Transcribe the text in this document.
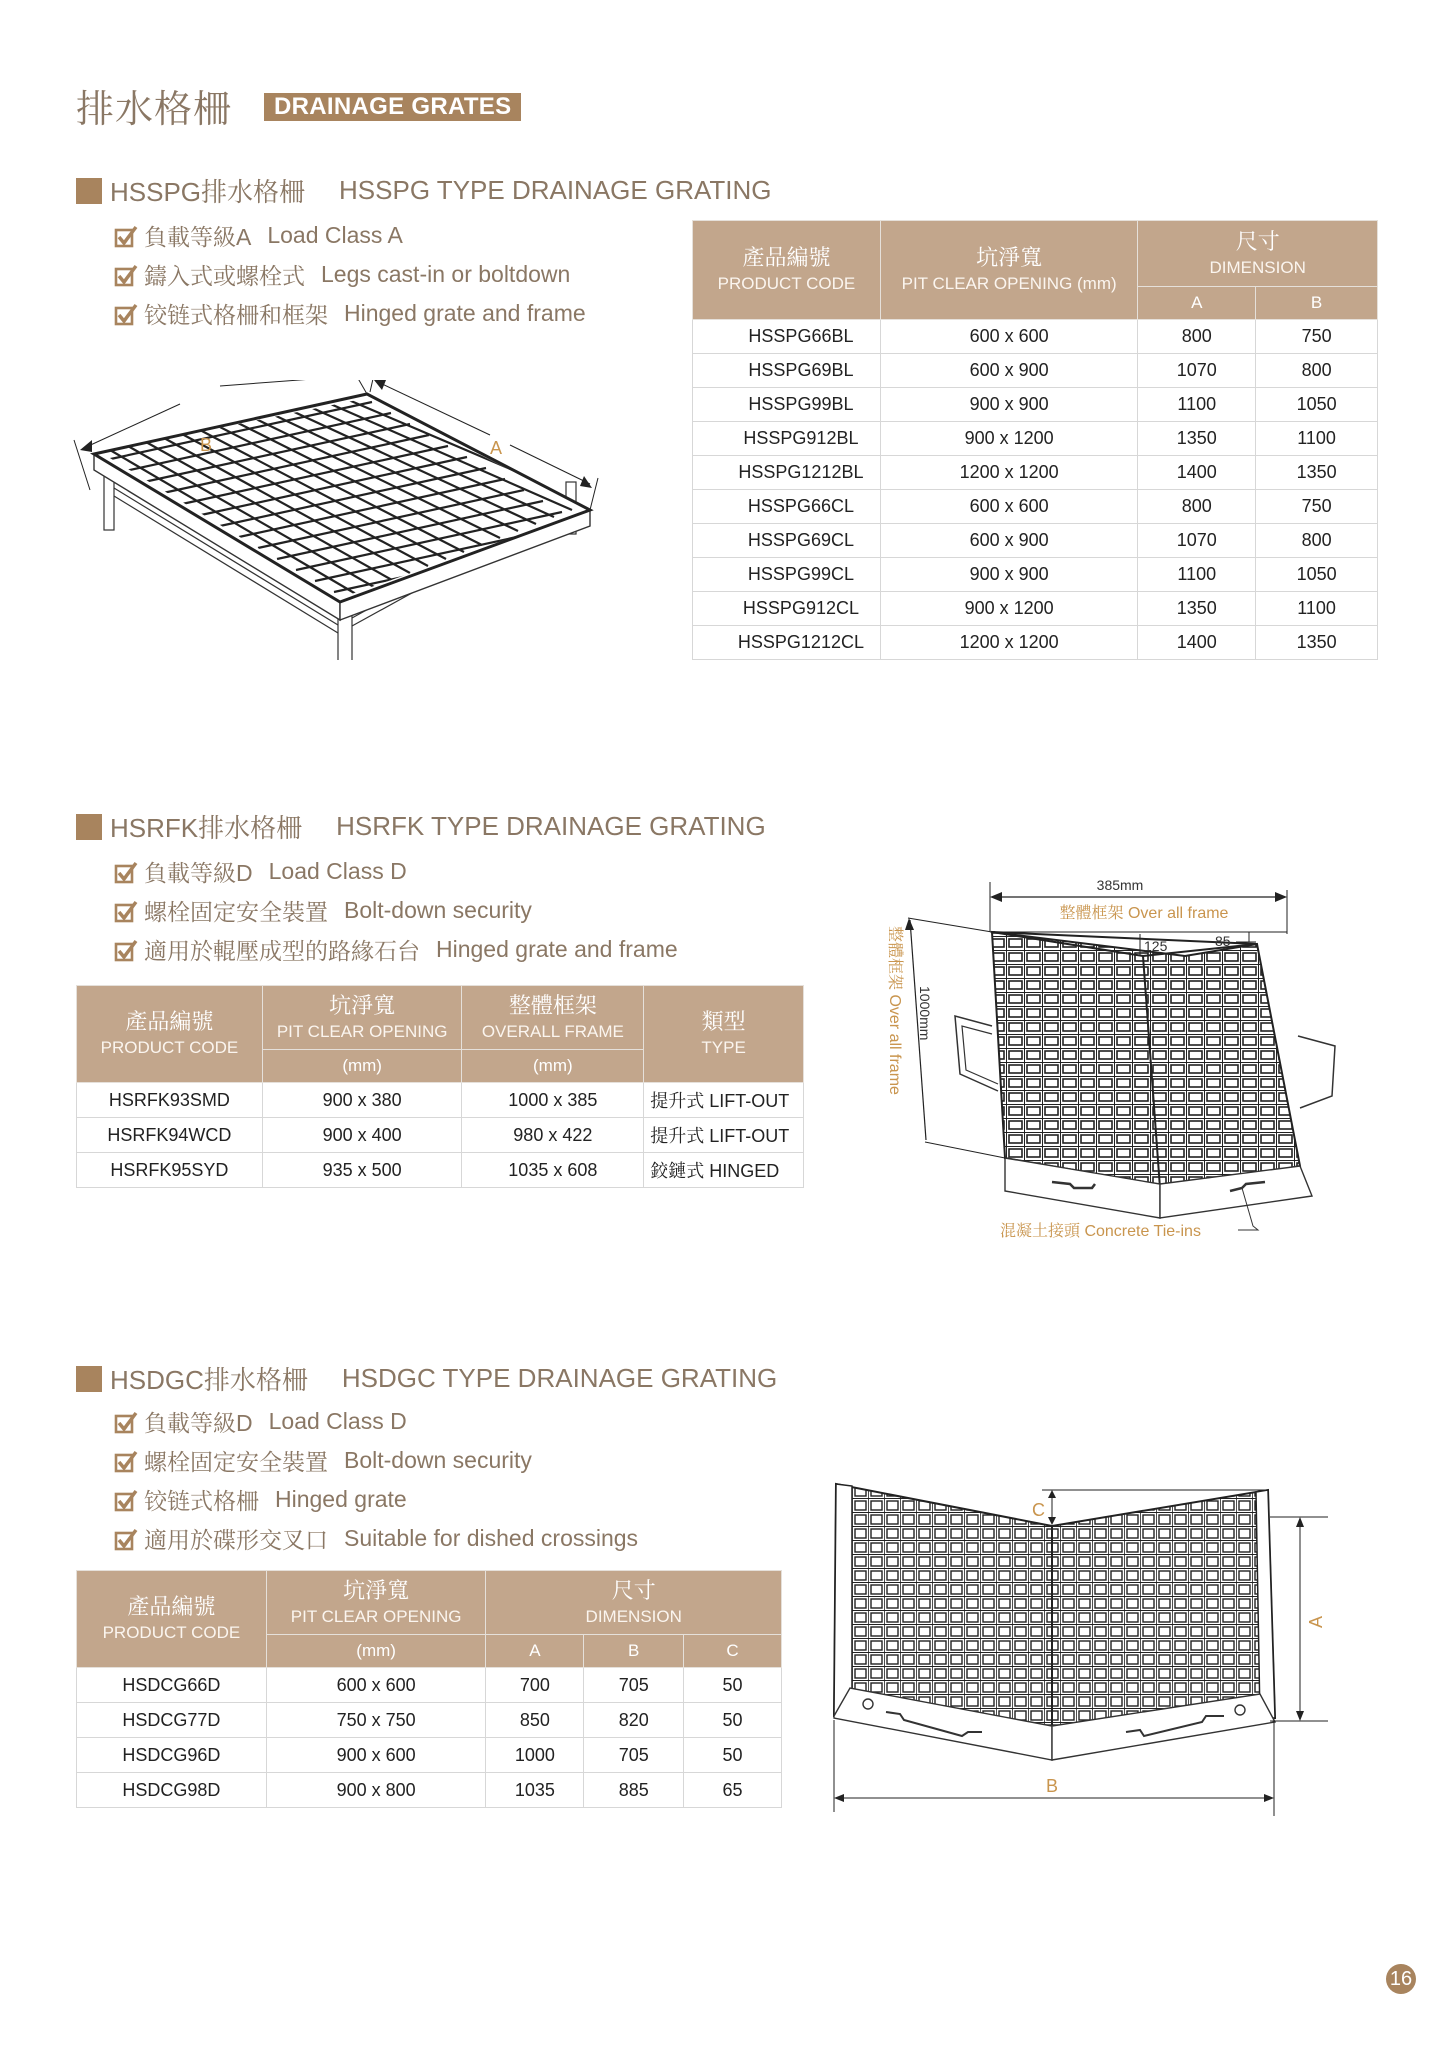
排水格柵	DRAINAGE GRATES
HSSPG排水格柵 HSSPG TYPE DRAINAGE GRATING
負載等級A Load Class A
鑄入式或螺栓式 Legs cast-in or boltdown
铰链式格柵和框架 Hinged grate and frame
B	A
產品編號
PRODUCT CODE	坑淨寬
PIT CLEAR OPENING (mm)	尺寸
DIMENSION	

		A	B
HSSPG66BL	600 x 600	800	750
HSSPG69BL	600 x 900	1070	800
HSSPG99BL	900 x 900	1100	1050
HSSPG912BL	900 x 1200	1350	1100
HSSPG1212BL	1200 x 1200	1400	1350
HSSPG66CL	600 x 600	800	750
HSSPG69CL	600 x 900	1070	800
HSSPG99CL	900 x 900	1100	1050
HSSPG912CL	900 x 1200	1350	1100
HSSPG1212CL	1200 x 1200	1400	1350
HSRFK排水格柵 HSRFK TYPE DRAINAGE GRATING
負載等級D Load Class D
螺栓固定安全裝置 Bolt-down security
適用於輥壓成型的路緣石台 Hinged grate and frame
產品編號
PRODUCT CODE	坑淨寬
PIT CLEAR OPENING	整體框架
OVERALL FRAME	類型
TYPE

	(mm)	(mm)	
HSRFK93SMD	900 x 380	1000 x 385	提升式 LIFT-OUT
HSRFK94WCD	900 x 400	980 x 422	提升式 LIFT-OUT
HSRFK95SYD	935 x 500	1035 x 608	鉸鏈式 HINGED
385mm
整體框架 Over all frame
125	85
1000mm
整體框架 Over all frame
混凝土接頭 Concrete Tie-ins
HSDGC排水格柵 HSDGC TYPE DRAINAGE GRATING
負載等級D Load Class D
螺栓固定安全裝置 Bolt-down security
铰链式格柵 Hinged grate
適用於碟形交叉口 Suitable for dished crossings
產品編號
PRODUCT CODE	坑淨寬
PIT CLEAR OPENING	尺寸
DIMENSION		

	(mm)	A	B	C
HSDCG66D	600 x 600	700	705	50
HSDCG77D	750 x 750	850	820	50
HSDCG96D	900 x 600	1000	705	50
HSDCG98D	900 x 800	1035	885	65
C
A
B
16
